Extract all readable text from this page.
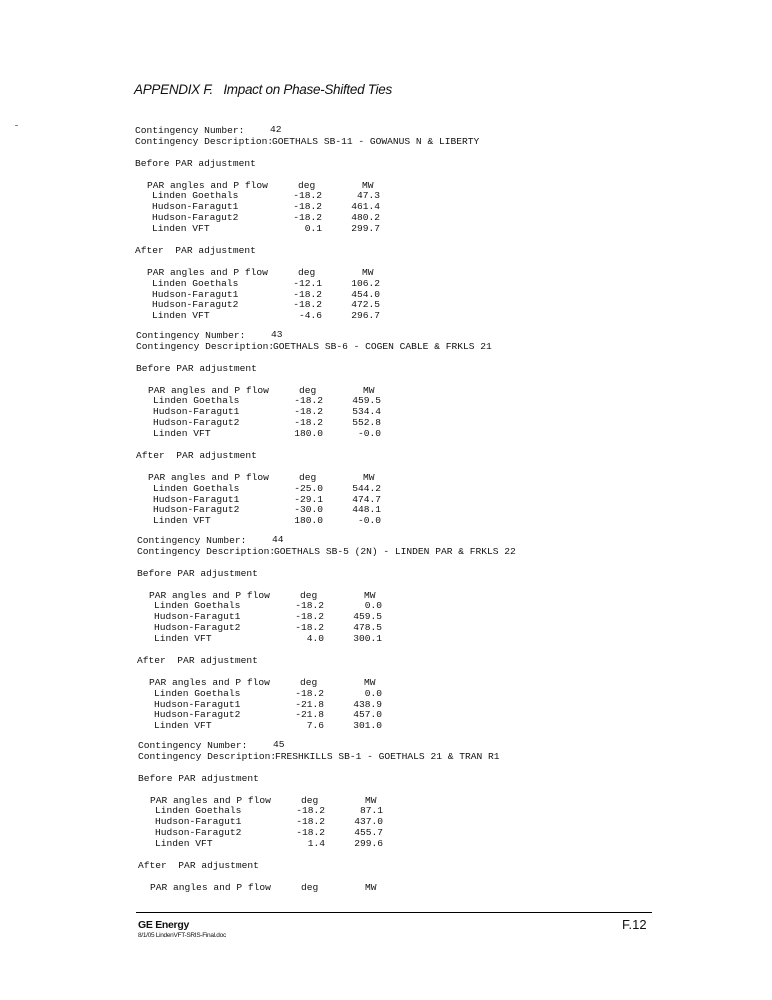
APPENDIX F. Impact on Phase-Shifted Ties
Contingency Number:	42
Contingency Description:
GOETHALS SB-11 - GOWANUS N & LIBERTY
Before PAR adjustment
PAR angles and P flow	deg	MW
Linden Goethals	-18.2	47.3
Hudson-Faragut1	-18.2	461.4
Hudson-Faragut2	-18.2	480.2
Linden VFT	0.1	299.7
After  PAR adjustment
PAR angles and P flow	deg	MW
Linden Goethals	-12.1	106.2
Hudson-Faragut1	-18.2	454.0
Hudson-Faragut2	-18.2	472.5
Linden VFT	-4.6	296.7
Contingency Number:	43
Contingency Description:
GOETHALS SB-6 - COGEN CABLE & FRKLS 21
Before PAR adjustment
PAR angles and P flow	deg	MW
Linden Goethals	-18.2	459.5
Hudson-Faragut1	-18.2	534.4
Hudson-Faragut2	-18.2	552.8
Linden VFT	180.0	-0.0
After  PAR adjustment
PAR angles and P flow	deg	MW
Linden Goethals	-25.0	544.2
Hudson-Faragut1	-29.1	474.7
Hudson-Faragut2	-30.0	448.1
Linden VFT	180.0	-0.0
Contingency Number:	44
Contingency Description:
GOETHALS SB-5 (2N) - LINDEN PAR & FRKLS 22
Before PAR adjustment
PAR angles and P flow	deg	MW
Linden Goethals	-18.2	0.0
Hudson-Faragut1	-18.2	459.5
Hudson-Faragut2	-18.2	478.5
Linden VFT	4.0	300.1
After  PAR adjustment
PAR angles and P flow	deg	MW
Linden Goethals	-18.2	0.0
Hudson-Faragut1	-21.8	438.9
Hudson-Faragut2	-21.8	457.0
Linden VFT	7.6	301.0
Contingency Number:	45
Contingency Description:
FRESHKILLS SB-1 - GOETHALS 21 & TRAN R1
Before PAR adjustment
PAR angles and P flow	deg	MW
Linden Goethals	-18.2	87.1
Hudson-Faragut1	-18.2	437.0
Hudson-Faragut2	-18.2	455.7
Linden VFT	1.4	299.6
After  PAR adjustment
PAR angles and P flow	deg	MW
GE Energy
8/1/05 LindenVFT-SRIS-Final.doc
F.12
